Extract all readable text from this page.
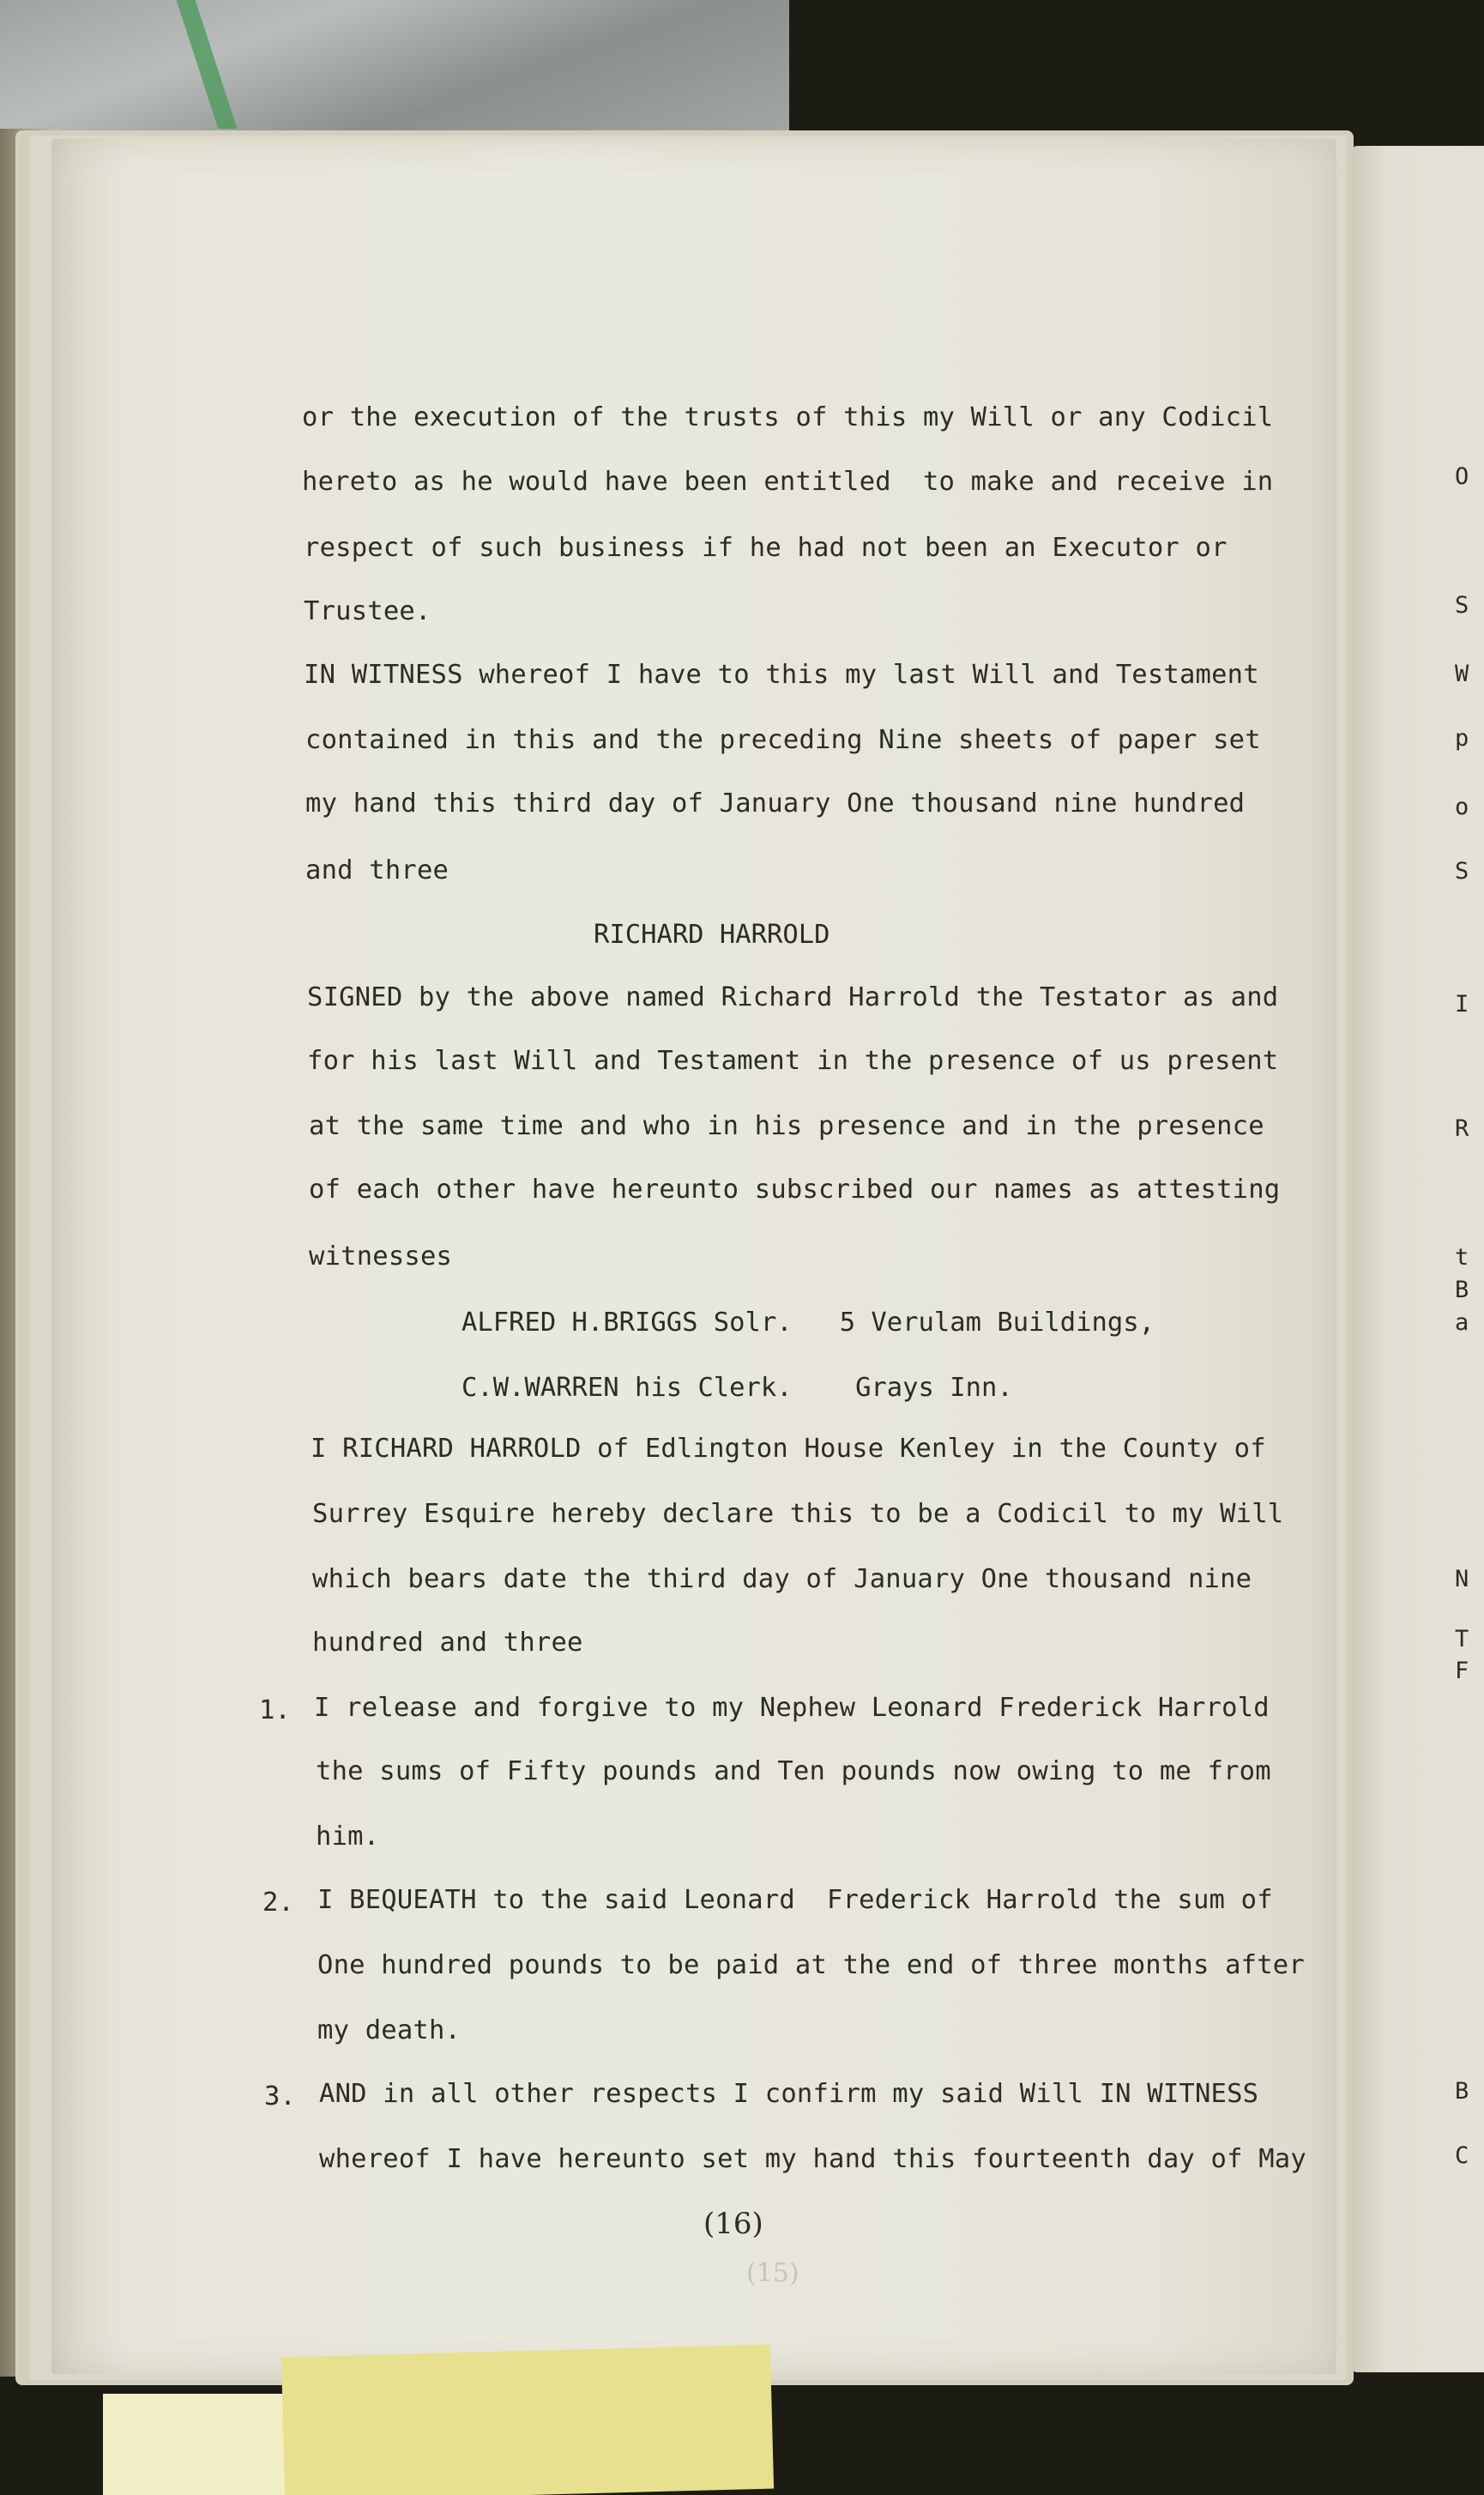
O
S
W
p
o
S
I
R
t
B
a
N
T
F
B
C
or the execution of the trusts of this my Will or any Codicil
hereto as he would have been entitled  to make and receive in
respect of such business if he had not been an Executor or
Trustee.
IN WITNESS whereof I have to this my last Will and Testament
contained in this and the preceding Nine sheets of paper set
my hand this third day of January One thousand nine hundred
and three
RICHARD HARROLD
SIGNED by the above named Richard Harrold the Testator as and
for his last Will and Testament in the presence of us present
at the same time and who in his presence and in the presence
of each other have hereunto subscribed our names as attesting
witnesses
ALFRED H.BRIGGS Solr.   5 Verulam Buildings,
C.W.WARREN his Clerk.    Grays Inn.
I RICHARD HARROLD of Edlington House Kenley in the County of
Surrey Esquire hereby declare this to be a Codicil to my Will
which bears date the third day of January One thousand nine
hundred and three
1. I release and forgive to my Nephew Leonard Frederick Harrold
the sums of Fifty pounds and Ten pounds now owing to me from
him.
2. I BEQUEATH to the said Leonard  Frederick Harrold the sum of
One hundred pounds to be paid at the end of three months after
my death.
3. AND in all other respects I confirm my said Will IN WITNESS
whereof I have hereunto set my hand this fourteenth day of May
(16)
(15)
